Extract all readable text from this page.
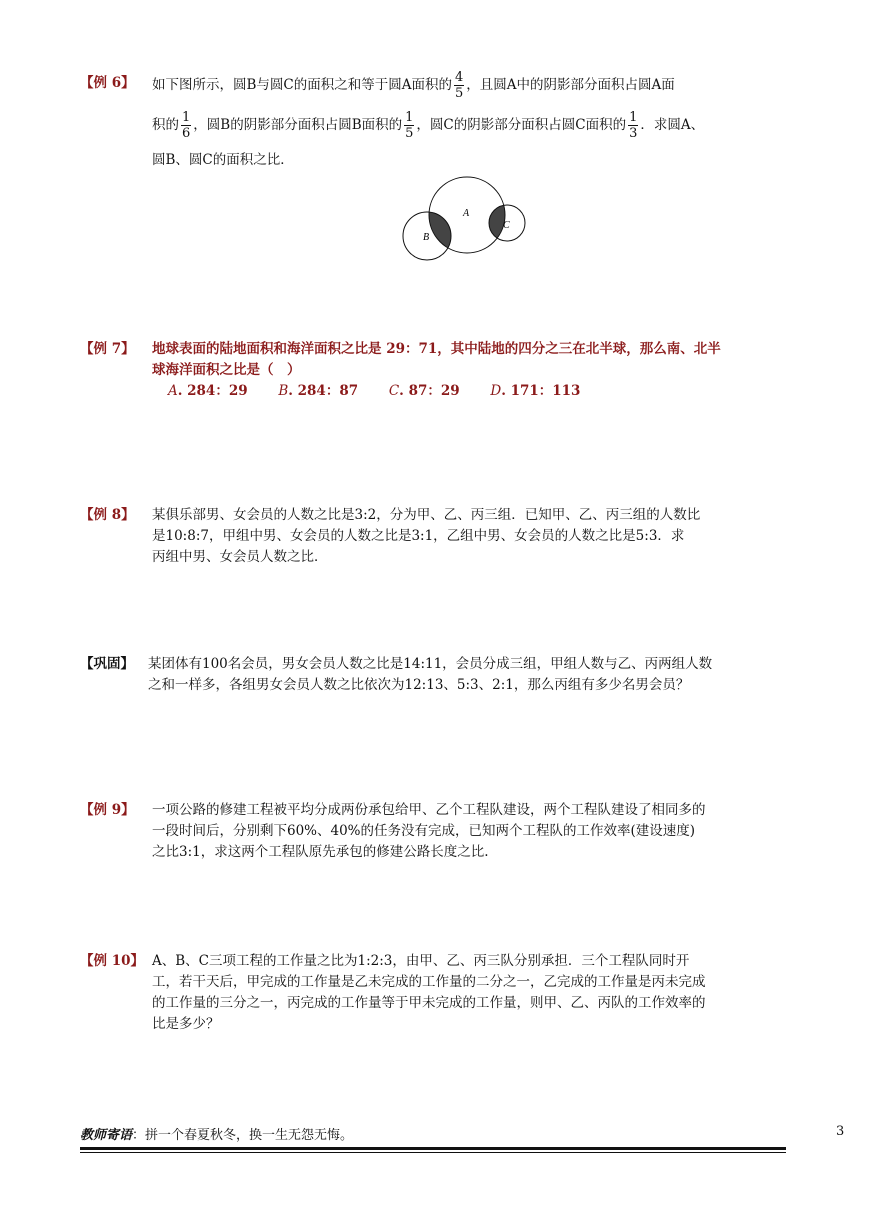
【例 6】 如下图所示，圆B与圆C的面积之和等于圆A面积的 $\frac{4}{5}$ ，且圆A中的阴影部分面积占圆A面
积的 $\frac{1}{6}$ ，圆B的阴影部分面积占圆B面积的 $\frac{1}{5}$ ，圆C的阴影部分面积占圆C面积的 $\frac{1}{3}$ ．求圆A、
圆B、圆C的面积之比．
A
B
C
【例 7】 地球表面的陆地面积和海洋面积之比是 29：71，其中陆地的四分之三在北半球，那么南、北半
球海洋面积之比是（　）
A. 284：29 B. 284：87 C. 87：29 D. 171：113
【例 8】 某俱乐部男、女会员的人数之比是3:2，分为甲、乙、丙三组．已知甲、乙、丙三组的人数比
是10:8:7，甲组中男、女会员的人数之比是3:1，乙组中男、女会员的人数之比是5:3．求
丙组中男、女会员人数之比．
【巩固】 某团体有100名会员，男女会员人数之比是14:11，会员分成三组，甲组人数与乙、丙两组人数
之和一样多，各组男女会员人数之比依次为12:13、5:3、2:1，那么丙组有多少名男会员？
【例 9】 一项公路的修建工程被平均分成两份承包给甲、乙个工程队建设，两个工程队建设了相同多的
一段时间后，分别剩下60%、40%的任务没有完成，已知两个工程队的工作效率(建设速度)
之比3:1，求这两个工程队原先承包的修建公路长度之比.
【例 10】 A、B、C三项工程的工作量之比为1:2:3，由甲、乙、丙三队分别承担．三个工程队同时开
工，若干天后，甲完成的工作量是乙未完成的工作量的二分之一，乙完成的工作量是丙未完成
的工作量的三分之一，丙完成的工作量等于甲未完成的工作量，则甲、乙、丙队的工作效率的
比是多少？
教师寄语：拼一个春夏秋冬，换一生无怨无悔。	3
